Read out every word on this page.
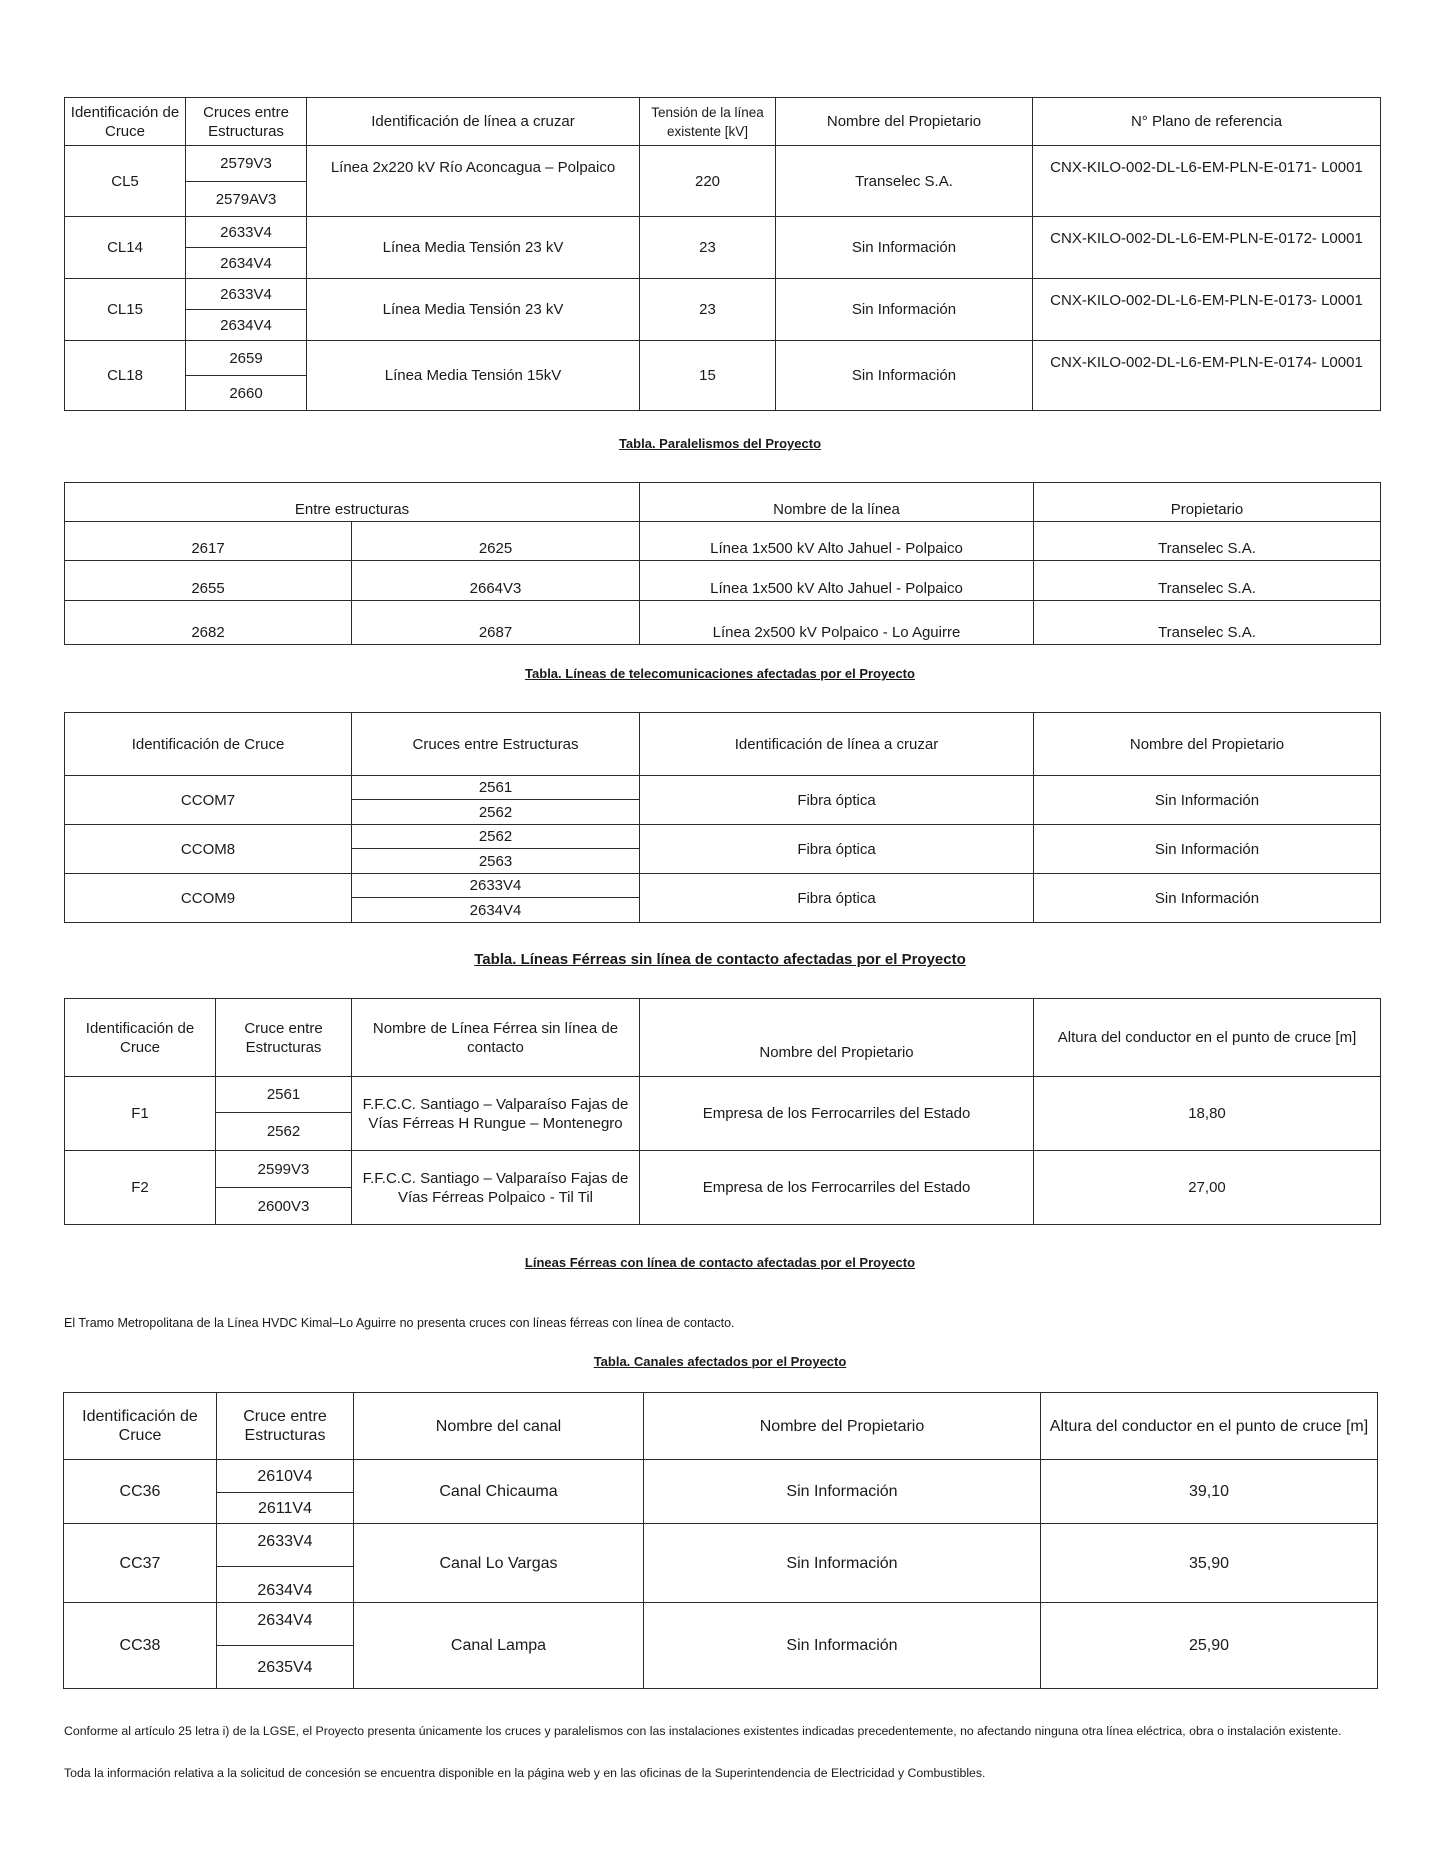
Identificación de Cruce	Cruces entre Estructuras	Identificación de línea a cruzar	Tensión de la línea existente [kV]	Nombre del Propietario	N° Plano de referencia
CL5	2579V3	Línea 2x220 kV Río Aconcagua – Polpaico	220	Transelec S.A.	CNX-KILO-002-DL-L6-EM-PLN-E-0171- L0001
	2579AV3				
CL14	2633V4	Línea Media Tensión 23 kV	23	Sin Información	CNX-KILO-002-DL-L6-EM-PLN-E-0172- L0001
	2634V4				
CL15	2633V4	Línea Media Tensión 23 kV	23	Sin Información	CNX-KILO-002-DL-L6-EM-PLN-E-0173- L0001
	2634V4				
CL18	2659	Línea Media Tensión 15kV	15	Sin Información	CNX-KILO-002-DL-L6-EM-PLN-E-0174- L0001
	2660				
Tabla. Paralelismos del Proyecto
Entre estructuras		Nombre de la línea	Propietario
2617	2625	Línea 1x500 kV Alto Jahuel - Polpaico	Transelec S.A.
2655	2664V3	Línea 1x500 kV Alto Jahuel - Polpaico	Transelec S.A.
2682	2687	Línea 2x500 kV Polpaico - Lo Aguirre	Transelec S.A.
Tabla. Líneas de telecomunicaciones afectadas por el Proyecto
Identificación de Cruce	Cruces entre Estructuras	Identificación de línea a cruzar	Nombre del Propietario
CCOM7	2561	Fibra óptica	Sin Información
	2562		
CCOM8	2562	Fibra óptica	Sin Información
	2563		
CCOM9	2633V4	Fibra óptica	Sin Información
	2634V4		
Tabla. Líneas Férreas sin línea de contacto afectadas por el Proyecto
Identificación de Cruce	Cruce entre Estructuras	Nombre de Línea Férrea sin línea de contacto	Nombre del Propietario	Altura del conductor en el punto de cruce [m]
F1	2561	F.F.C.C. Santiago – Valparaíso Fajas de Vías Férreas H Rungue – Montenegro	Empresa de los Ferrocarriles del Estado	18,80
	2562			
F2	2599V3	F.F.C.C. Santiago – Valparaíso Fajas de Vías Férreas Polpaico - Til Til	Empresa de los Ferrocarriles del Estado	27,00
	2600V3			
Líneas Férreas con línea de contacto afectadas por el Proyecto
El Tramo Metropolitana de la Línea HVDC Kimal–Lo Aguirre no presenta cruces con líneas férreas con línea de contacto.
Tabla. Canales afectados por el Proyecto
Identificación de Cruce	Cruce entre Estructuras	Nombre del canal	Nombre del Propietario	Altura del conductor en el punto de cruce [m]
CC36	2610V4	Canal Chicauma	Sin Información	39,10
	2611V4			
CC37	2633V4	Canal Lo Vargas	Sin Información	35,90
	2634V4			
CC38	2634V4	Canal Lampa	Sin Información	25,90
	2635V4			
Conforme al artículo 25 letra i) de la LGSE, el Proyecto presenta únicamente los cruces y paralelismos con las instalaciones existentes indicadas precedentemente, no afectando ninguna otra línea eléctrica, obra o instalación existente.
Toda la información relativa a la solicitud de concesión se encuentra disponible en la página web y en las oficinas de la Superintendencia de Electricidad y Combustibles.
